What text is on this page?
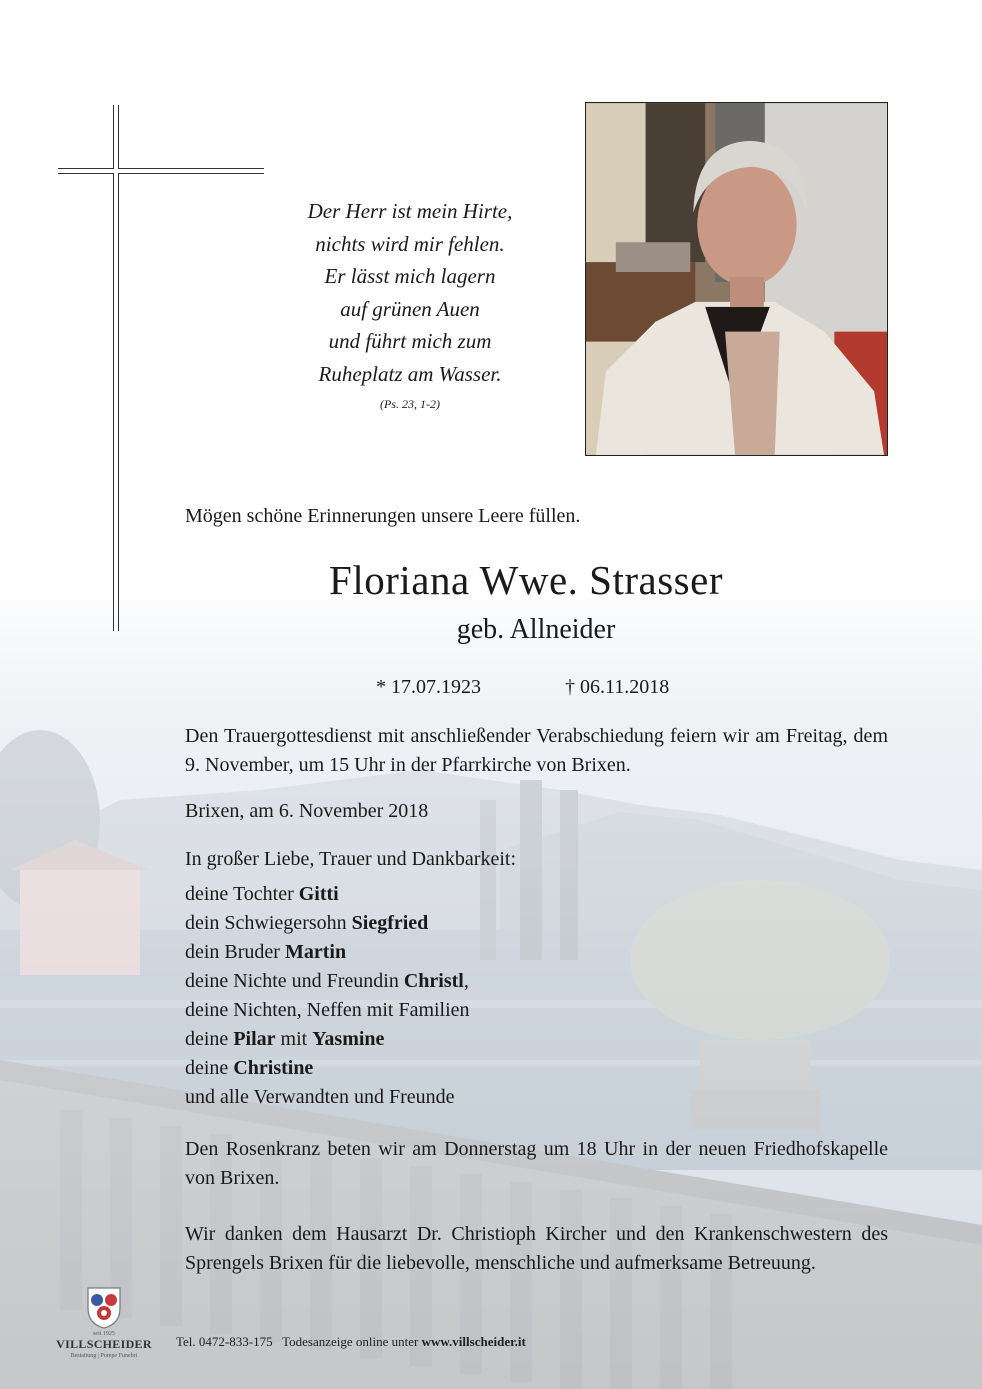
Der Herr ist mein Hirte,
nichts wird mir fehlen.
Er lässt mich lagern
auf grünen Auen
und führt mich zum
Ruheplatz am Wasser.
(Ps. 23, 1-2)
Mögen schöne Erinnerungen unsere Leere füllen.
Floriana Wwe. Strasser
geb. Allneider
* 17.07.1923	† 06.11.2018
Den Trauergottesdienst mit anschließender Verabschiedung feiern wir am Freitag, dem 9. November, um 15 Uhr in der Pfarrkirche von Brixen.
Brixen, am 6. November 2018
In großer Liebe, Trauer und Dankbarkeit:
deine Tochter Gitti
dein Schwiegersohn Siegfried
dein Bruder Martin
deine Nichte und Freundin Christl,
deine Nichten, Neffen mit Familien
deine Pilar mit Yasmine
deine Christine
und alle Verwandten und Freunde
Den Rosenkranz beten wir am Donnerstag um 18 Uhr in der neuen Friedhofskapelle von Brixen.
Wir danken dem Hausarzt Dr. Christioph Kircher und den Krankenschwestern des Sprengels Brixen für die liebevolle, menschliche und aufmerksame Betreuung.
seit 1925
VILLSCHEIDER
Bestattung | Pompe Funebri
Tel. 0472-833-175 Todesanzeige online unter www.villscheider.it
